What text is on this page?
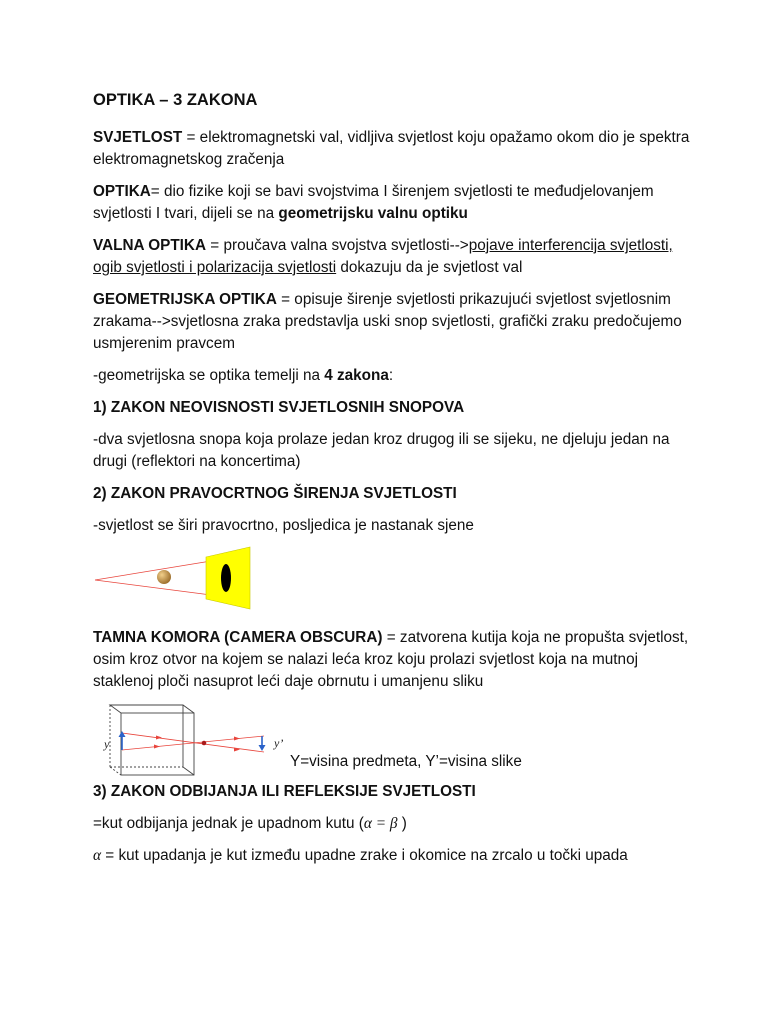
OPTIKA – 3 ZAKONA

SVJETLOST = elektromagnetski val, vidljiva svjetlost koju opažamo okom dio je spektra elektromagnetskog zračenja

OPTIKA= dio fizike koji se bavi svojstvima I širenjem svjetlosti te međudjelovanjem svjetlosti I tvari, dijeli se na geometrijsku valnu optiku

VALNA OPTIKA = proučava valna svojstva svjetlosti-->pojave interferencija svjetlosti, ogib svjetlosti i polarizacija svjetlosti dokazuju da je svjetlost val

GEOMETRIJSKA OPTIKA = opisuje širenje svjetlosti prikazujući svjetlost svjetlosnim zrakama-->svjetlosna zraka predstavlja uski snop svjetlosti, grafički zraku predočujemo usmjerenim pravcem

-geometrijska se optika temelji na 4 zakona:

1) ZAKON NEOVISNOSTI SVJETLOSNIH SNOPOVA

-dva svjetlosna snopa koja prolaze jedan kroz drugog ili se sijeku, ne djeluju jedan na drugi (reflektori na koncertima)

2) ZAKON PRAVOCRTNOG ŠIRENJA SVJETLOSTI

-svjetlost se širi pravocrtno, posljedica je nastanak sjene

TAMNA KOMORA (CAMERA OBSCURA) = zatvorena kutija koja ne propušta svjetlost, osim kroz otvor na kojem se nalazi leća kroz koju prolazi svjetlost koja na mutnoj staklenoj ploči nasuprot leći daje obrnutu i umanjenu sliku

Y=visina predmeta, Y’=visina slike

3) ZAKON ODBIJANJA ILI REFLEKSIJE SVJETLOSTI

=kut odbijanja jednak je upadnom kutu (α = β )

α = kut upadanja je kut između upadne zrake i okomice na zrcalo u točki upada

y	y’
